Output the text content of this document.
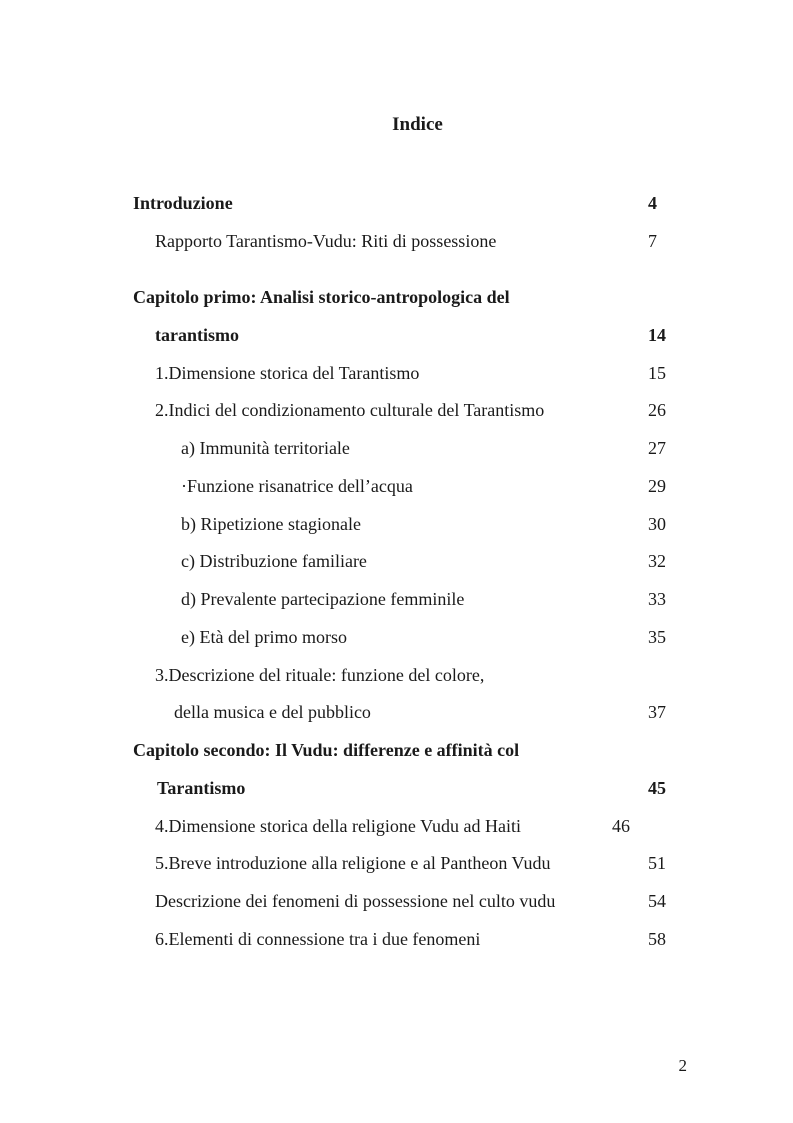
Indice
Introduzione	4
Rapporto Tarantismo-Vudu: Riti di possessione	7
Capitolo primo: Analisi storico-antropologica del
tarantismo	14
1.Dimensione storica del Tarantismo	15
2.Indici del condizionamento culturale del Tarantismo	26
a) Immunità territoriale	27
·Funzione risanatrice dell’acqua	29
b) Ripetizione stagionale	30
c) Distribuzione familiare	32
d) Prevalente partecipazione femminile	33
e) Età del primo morso	35
3.Descrizione del rituale: funzione del colore,
della musica e del pubblico	37
Capitolo secondo: Il Vudu: differenze e affinità col
Tarantismo	45
4.Dimensione storica della religione Vudu ad Haiti	46
5.Breve introduzione alla religione e al Pantheon Vudu	51
Descrizione dei fenomeni di possessione nel culto vudu	54
6.Elementi di connessione tra i due fenomeni	58
2
